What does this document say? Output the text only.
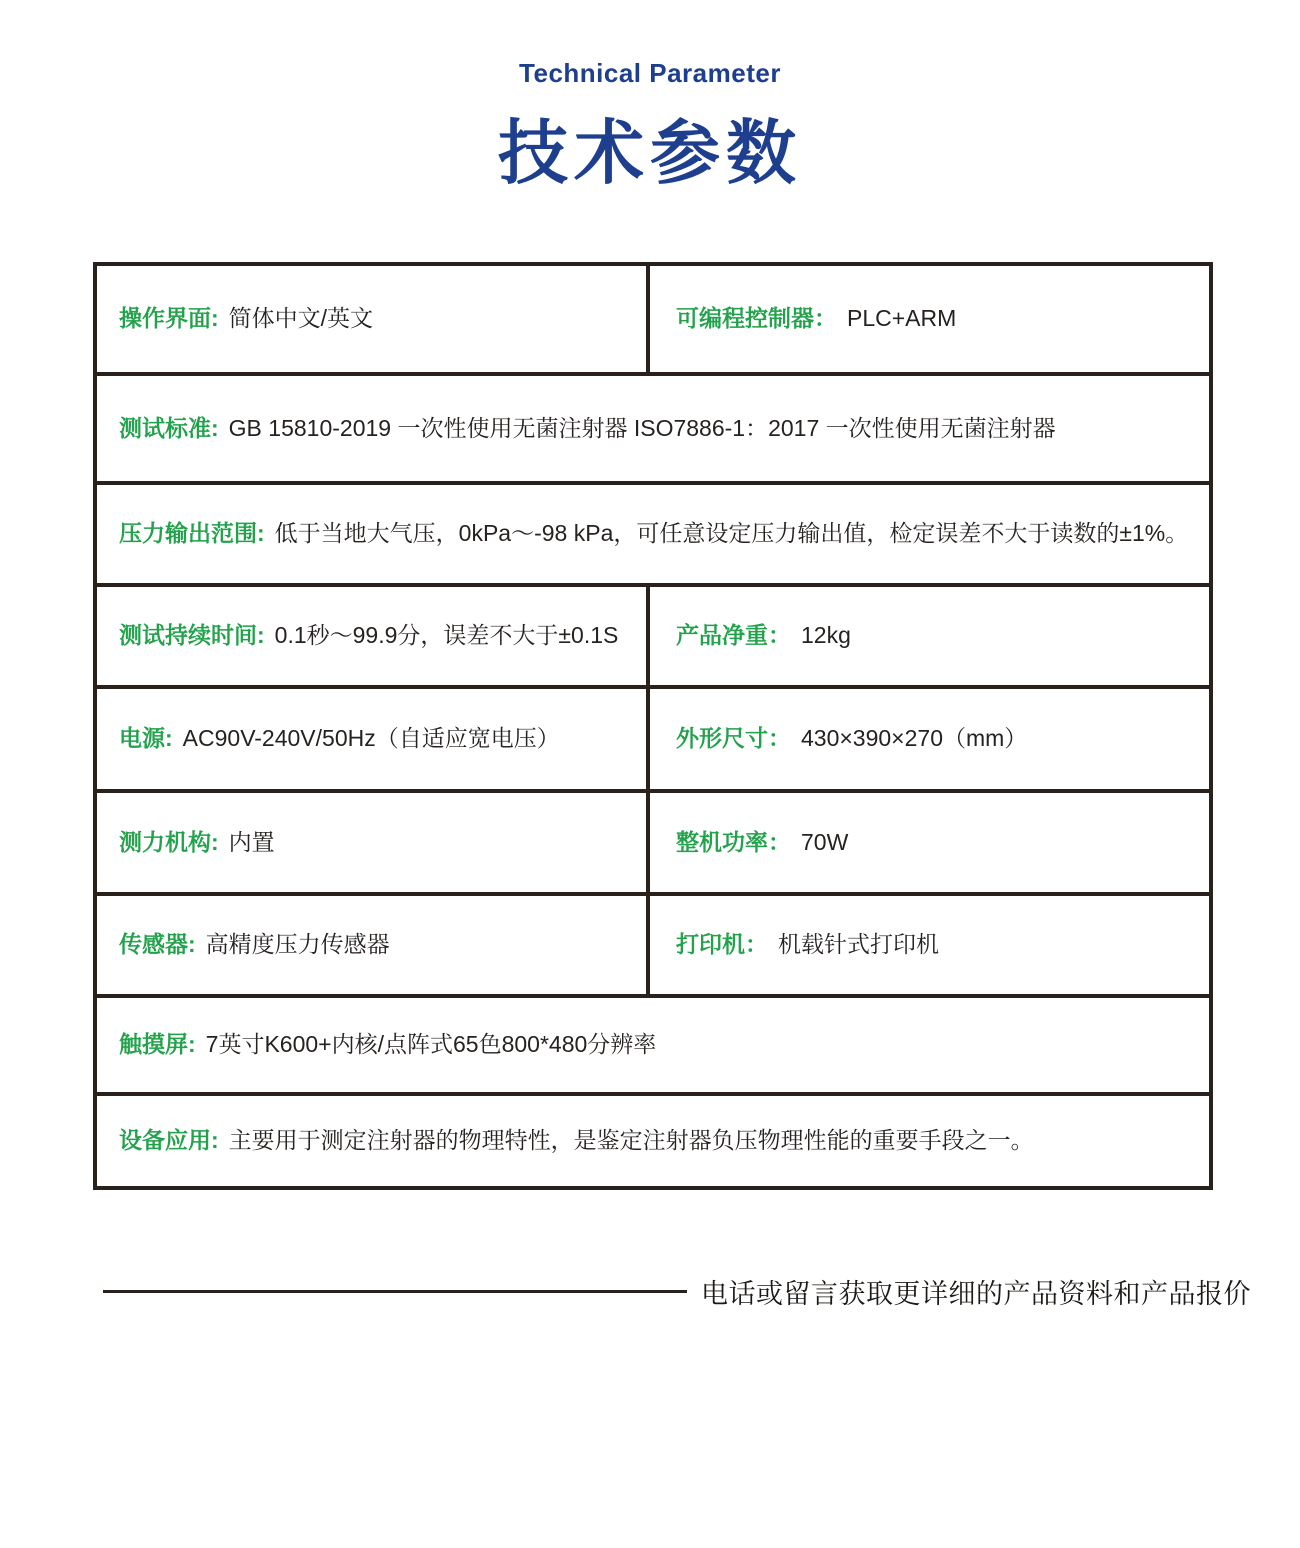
Technical Parameter
技术参数
操作界面: 简体中文/英文	可编程控制器： PLC+ARM
测试标准: GB 15810-2019 一次性使用无菌注射器 ISO7886-1：2017 一次性使用无菌注射器
压力输出范围: 低于当地大气压，0kPa～-98 kPa，可任意设定压力输出值，检定误差不大于读数的±1%。
测试持续时间: 0.1秒～99.9分，误差不大于±0.1S	产品净重： 12kg
电源: AC90V-240V/50Hz（自适应宽电压）	外形尺寸： 430×390×270（mm）
测力机构: 内置	整机功率： 70W
传感器: 高精度压力传感器	打印机： 机载针式打印机
触摸屏: 7英寸K600+内核/点阵式65色800*480分辨率
设备应用: 主要用于测定注射器的物理特性，是鉴定注射器负压物理性能的重要手段之一。
电话或留言获取更详细的产品资料和产品报价
